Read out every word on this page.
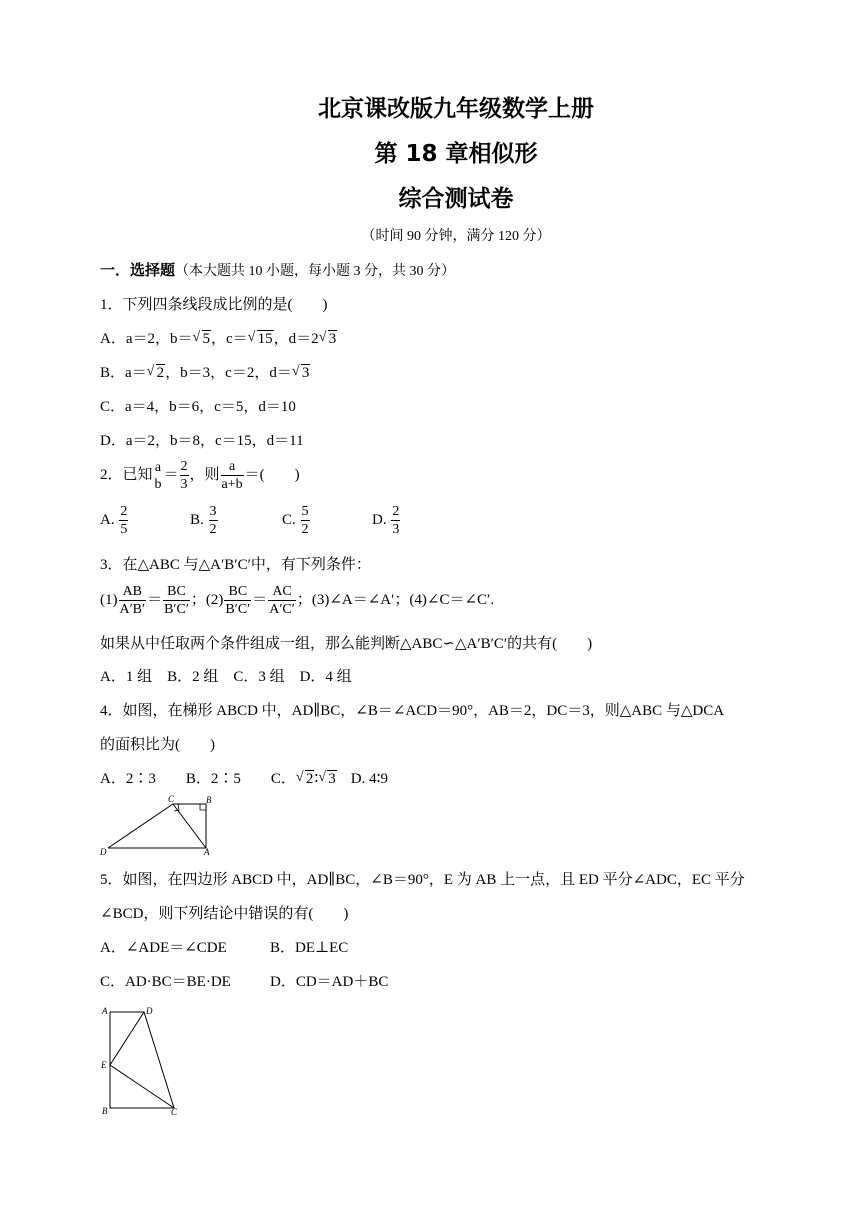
北京课改版九年级数学上册
第 18 章相似形
综合测试卷
（时间 90 分钟，满分 120 分）
一．选择题（本大题共 10 小题，每小题 3 分，共 30 分）
1．下列四条线段成比例的是(　　)
A．a＝2，b＝ √ 5，c＝ √ 15，d＝2 √ 3
B．a＝ √ 2，b＝3，c＝2，d＝ √ 3
C．a＝4，b＝6，c＝5，d＝10
D．a＝2，b＝8，c＝15，d＝11
2．已知 a
b
＝ $\frac{2}{3}$ ，则 $\frac{a}{a+b}$ ＝(　　)
A. $\frac{2}{5}$	B. $\frac{3}{2}$	C. $\frac{5}{2}$	D. $\frac{2}{3}$
3．在△ABC 与△A′B′C′中，有下列条件：
$(1) \frac{AB}{A'B'} = \frac{BC}{B'C'}$ ；$(2) \frac{BC}{B'C'} = \frac{AC}{A'C'}$ ；(3)∠A＝∠A′；(4)∠C＝∠C′.
如果从中任取两个条件组成一组，那么能判断△ABC∽△A′B′C′的共有(　　)
A．1 组　B．2 组　C．3 组　D．4 组
4．如图，在梯形 ABCD 中，AD∥BC，∠B＝∠ACD＝90°，AB＝2，DC＝3，则△ABC 与△DCA
的面积比为(　　)
A．2∶3 B．2∶5 C． √ 2∶ √ 3 D. 4∶9
C	B
D	A
5．如图，在四边形 ABCD 中，AD∥BC，∠B＝90°，E 为 AB 上一点，且 ED 平分∠ADC，EC 平分
∠BCD，则下列结论中错误的有(　　)
A．∠ADE＝∠CDE	B．DE⊥EC
C．AD·BC＝BE·DE	D．CD＝AD＋BC
A	D
E
B	C
